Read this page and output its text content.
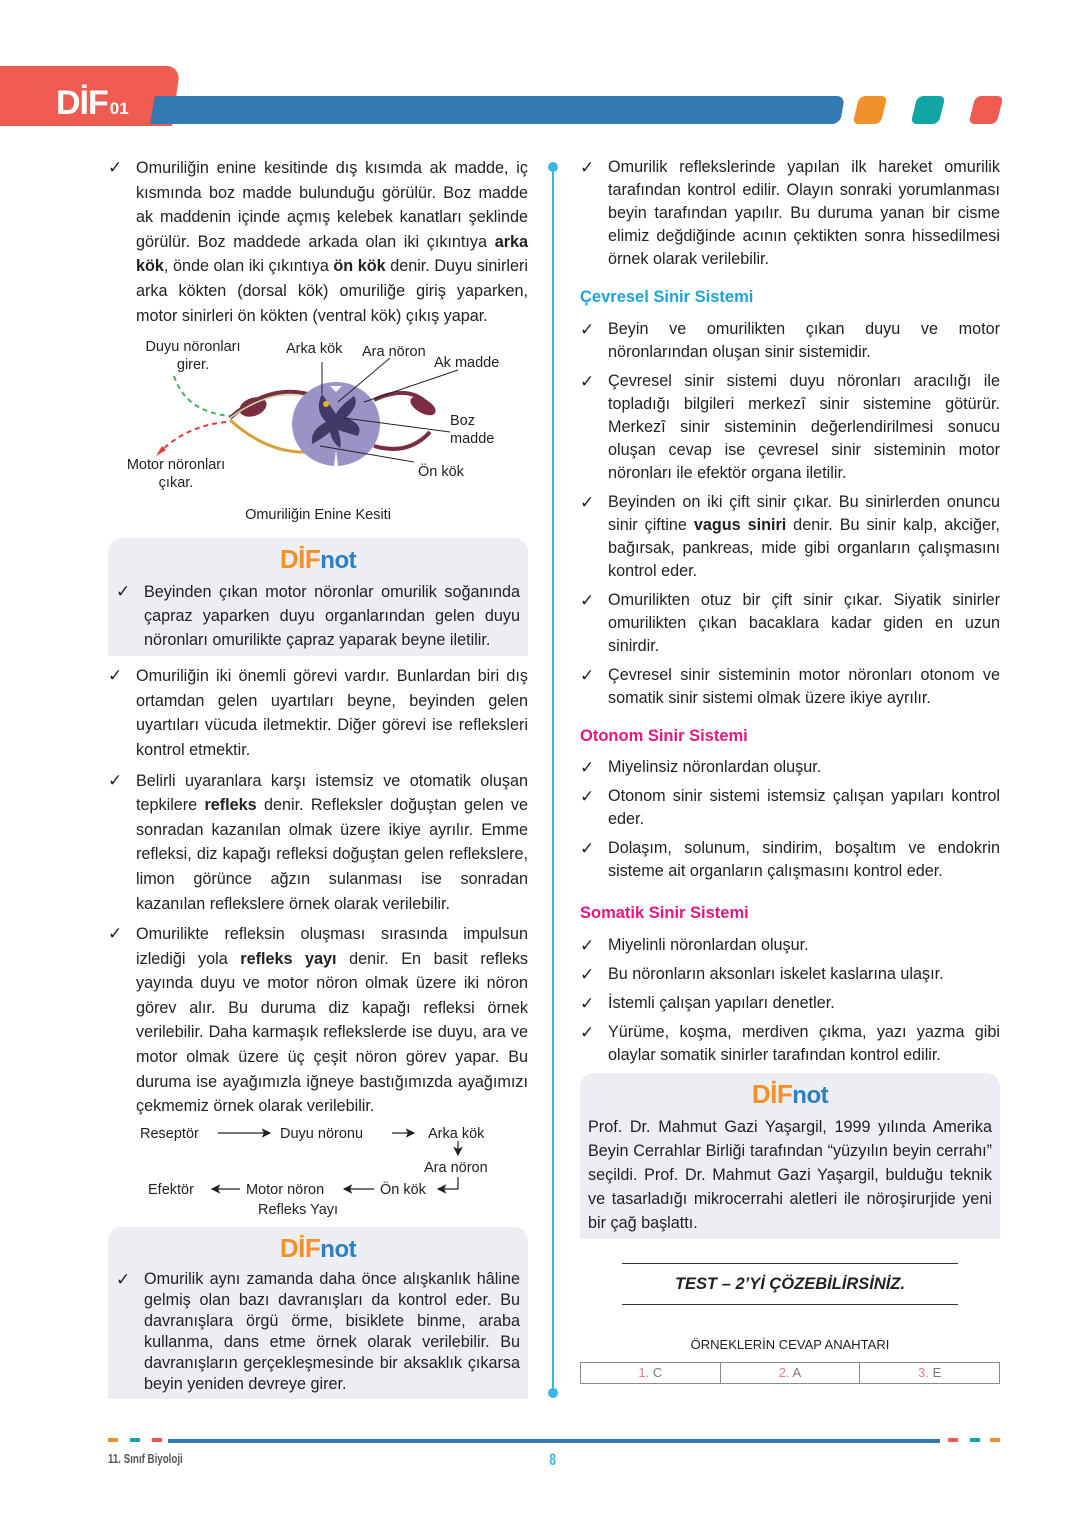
DİF 01
✓ Omuriliğin enine kesitinde dış kısımda ak madde, iç kısmında boz madde bulunduğu görülür. Boz madde ak maddenin içinde açmış kelebek kanatları şeklinde görülür. Boz maddede arkada olan iki çıkıntıya arka kök, önde olan iki çıkıntıya ön kök denir. Duyu sinirleri arka kökten (dorsal kök) omuriliğe giriş yaparken, motor sinirleri ön kökten (ventral kök) çıkış yapar.
Duyu nöronları girer.
Arka kök Ara nöron
Ak madde
Boz madde
Motor nöronları çıkar.
Ön kök
Omuriliğin Enine Kesiti
DİFnot
✓ Beyinden çıkan motor nöronlar omurilik soğanında çapraz yaparken duyu organlarından gelen duyu nöronları omurilikte çapraz yaparak beyne iletilir.
✓ Omuriliğin iki önemli görevi vardır. Bunlardan biri dış ortamdan gelen uyartıları beyne, beyinden gelen uyartıları vücuda iletmektir. Diğer görevi ise refleksleri kontrol etmektir.
✓ Belirli uyaranlara karşı istemsiz ve otomatik oluşan tepkilere refleks denir. Refleksler doğuştan gelen ve sonradan kazanılan olmak üzere ikiye ayrılır. Emme refleksi, diz kapağı refleksi doğuştan gelen reflekslere, limon görünce ağzın sulanması ise sonradan kazanılan reflekslere örnek olarak verilebilir.
✓ Omurilikte refleksin oluşması sırasında impulsun izlediği yola refleks yayı denir. En basit refleks yayında duyu ve motor nöron olmak üzere iki nöron görev alır. Bu duruma diz kapağı refleksi örnek verilebilir. Daha karmaşık reflekslerde ise duyu, ara ve motor olmak üzere üç çeşit nöron görev yapar. Bu duruma ise ayağımızla iğneye bastığımızda ayağımızı çekmemiz örnek olarak verilebilir.
Reseptör	Duyu nöronu	Arka kök
Ara nöron
Ön kök
Motor nöron
Efektör
Refleks Yayı
DİFnot
✓ Omurilik aynı zamanda daha önce alışkanlık hâline gelmiş olan bazı davranışları da kontrol eder. Bu davranışlara örgü örme, bisiklete binme, araba kullanma, dans etme örnek olarak verilebilir. Bu davranışların gerçekleşmesinde bir aksaklık çıkarsa beyin yeniden devreye girer.
✓ Omurilik reflekslerinde yapılan ilk hareket omurilik tarafından kontrol edilir. Olayın sonraki yorumlanması beyin tarafından yapılır. Bu duruma yanan bir cisme elimiz değdiğinde acının çektikten sonra hissedilmesi örnek olarak verilebilir.
Çevresel Sinir Sistemi
✓ Beyin ve omurilikten çıkan duyu ve motor nöronlarından oluşan sinir sistemidir.
✓ Çevresel sinir sistemi duyu nöronları aracılığı ile topladığı bilgileri merkezî sinir sistemine götürür. Merkezî sinir sisteminin değerlendirilmesi sonucu oluşan cevap ise çevresel sinir sisteminin motor nöronları ile efektör organa iletilir.
✓ Beyinden on iki çift sinir çıkar. Bu sinirlerden onuncu sinir çiftine vagus siniri denir. Bu sinir kalp, akciğer, bağırsak, pankreas, mide gibi organların çalışmasını kontrol eder.
✓ Omurilikten otuz bir çift sinir çıkar. Siyatik sinirler omurilikten çıkan bacaklara kadar giden en uzun sinirdir.
✓ Çevresel sinir sisteminin motor nöronları otonom ve somatik sinir sistemi olmak üzere ikiye ayrılır.
Otonom Sinir Sistemi
✓ Miyelinsiz nöronlardan oluşur.
✓ Otonom sinir sistemi istemsiz çalışan yapıları kontrol eder.
✓ Dolaşım, solunum, sindirim, boşaltım ve endokrin sisteme ait organların çalışmasını kontrol eder.
Somatik Sinir Sistemi
✓ Miyelinli nöronlardan oluşur.
✓ Bu nöronların aksonları iskelet kaslarına ulaşır.
✓ İstemli çalışan yapıları denetler.
✓ Yürüme, koşma, merdiven çıkma, yazı yazma gibi olaylar somatik sinirler tarafından kontrol edilir.
DİFnot
Prof. Dr. Mahmut Gazi Yaşargil, 1999 yılında Amerika Beyin Cerrahlar Birliği tarafından “yüzyılın beyin cerrahı” seçildi. Prof. Dr. Mahmut Gazi Yaşargil, bulduğu teknik ve tasarladığı mikrocerrahi aletleri ile nöroşirurjide yeni bir çağ başlattı.
TEST – 2’Yİ ÇÖZEBİLİRSİNİZ.
ÖRNEKLERİN CEVAP ANAHTARI
1. C	2. A	3. E
11. Sınıf Biyoloji	8
